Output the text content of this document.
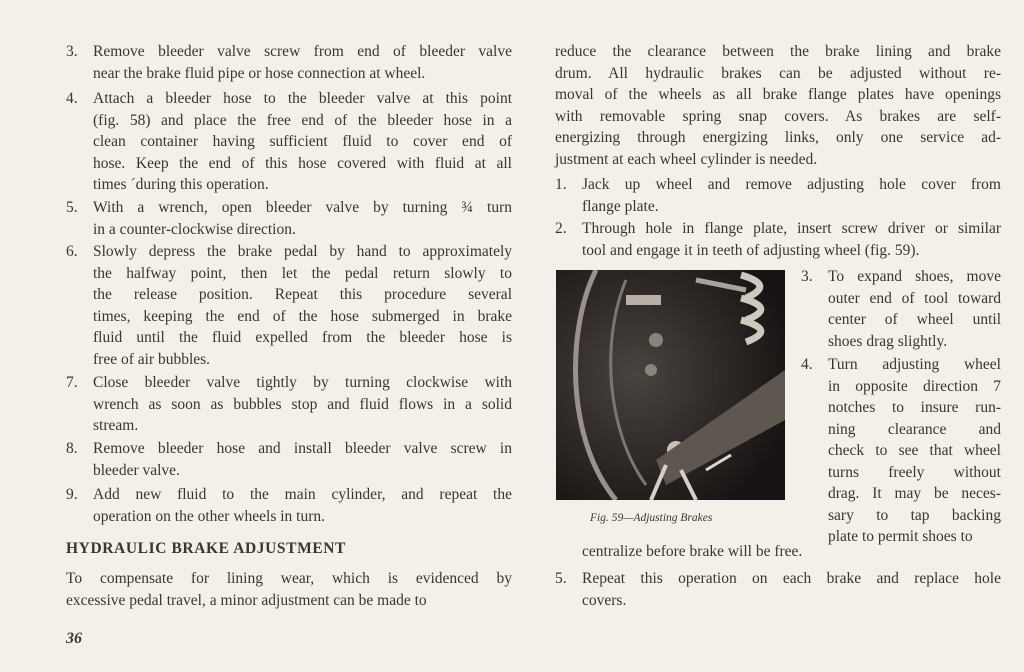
3. Remove bleeder valve screw from end of bleeder valve
near the brake fluid pipe or hose connection at wheel.
4. Attach a bleeder hose to the bleeder valve at this point
(fig. 58) and place the free end of the bleeder hose in a
clean container having sufficient fluid to cover end of
hose. Keep the end of this hose covered with fluid at all
times ´during this operation.
5. With a wrench, open bleeder valve by turning ¾ turn
in a counter-clockwise direction.
6. Slowly depress the brake pedal by hand to approximately
the halfway point, then let the pedal return slowly to
the release position. Repeat this procedure several
times, keeping the end of the hose submerged in brake
fluid until the fluid expelled from the bleeder hose is
free of air bubbles.
7. Close bleeder valve tightly by turning clockwise with
wrench as soon as bubbles stop and fluid flows in a solid
stream.
8. Remove bleeder hose and install bleeder valve screw in
bleeder valve.
9. Add new fluid to the main cylinder, and repeat the
operation on the other wheels in turn.
HYDRAULIC BRAKE ADJUSTMENT
To compensate for lining wear, which is evidenced by
excessive pedal travel, a minor adjustment can be made to
36
reduce the clearance between the brake lining and brake
drum. All hydraulic brakes can be adjusted without re-
moval of the wheels as all brake flange plates have openings
with removable spring snap covers. As brakes are self-
energizing through energizing links, only one service ad-
justment at each wheel cylinder is needed.
1. Jack up wheel and remove adjusting hole cover from
flange plate.
2. Through hole in flange plate, insert screw driver or similar
tool and engage it in teeth of adjusting wheel (fig. 59).
3. To expand shoes, move
outer end of tool toward
center of wheel until
shoes drag slightly.
4. Turn adjusting wheel
in opposite direction 7
notches to insure run-
ning clearance and
check to see that wheel
turns freely without
drag. It may be neces-
sary to tap backing
plate to permit shoes to
centralize before brake will be free.
5. Repeat this operation on each brake and replace hole
covers.
Fig. 59—Adjusting Brakes
